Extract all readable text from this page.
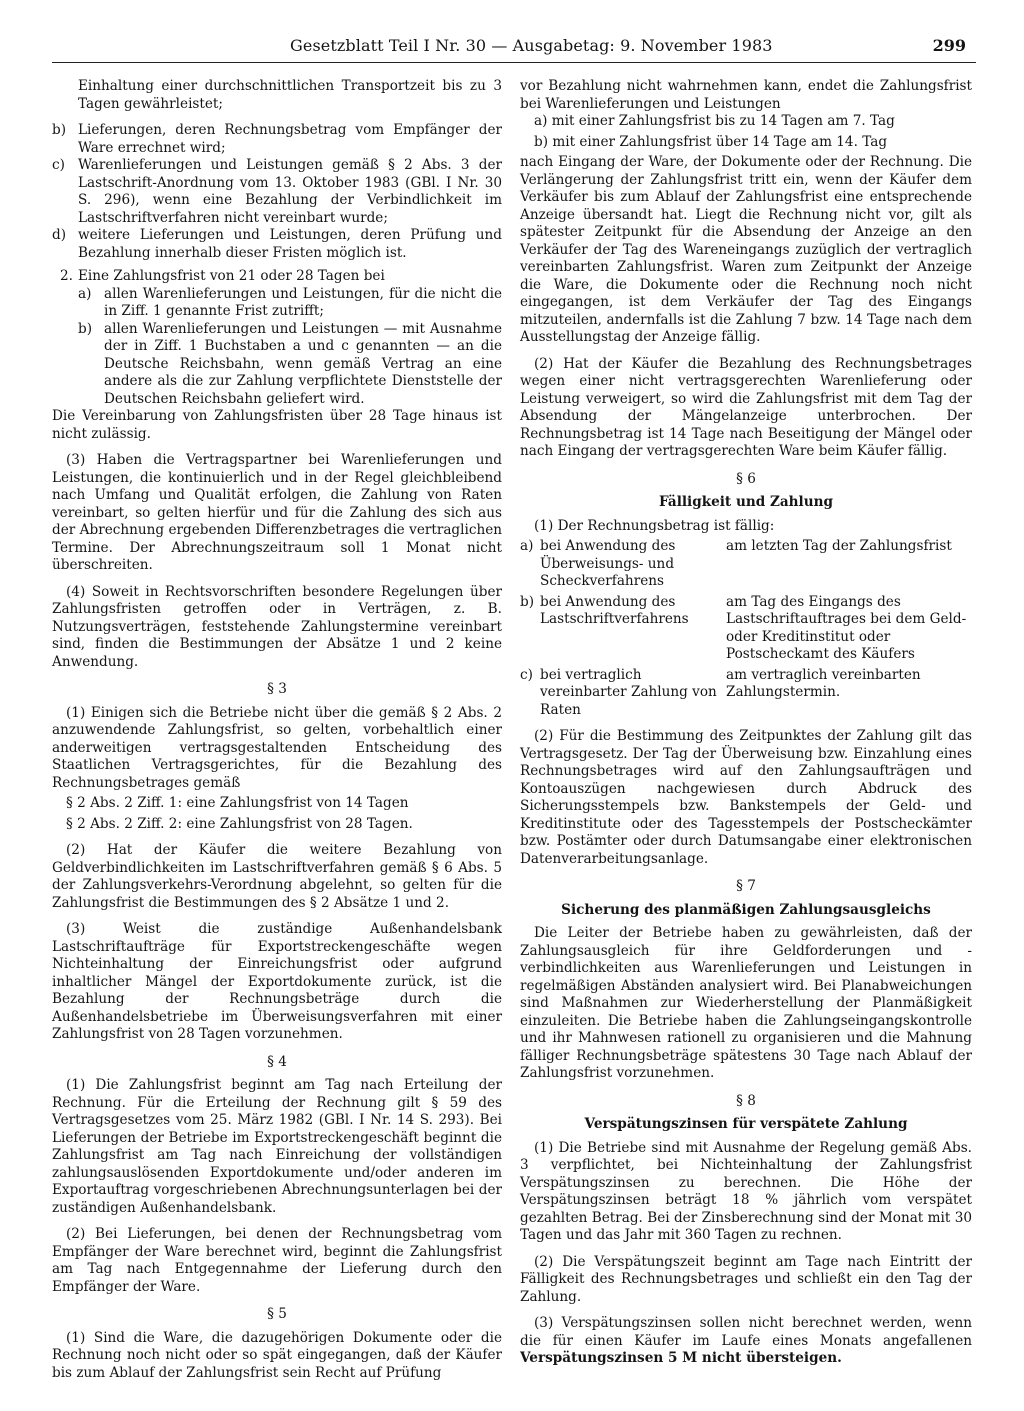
Gesetzblatt Teil I Nr. 30 — Ausgabetag: 9. November 1983	299

Einhaltung einer durchschnittlichen Transportzeit bis zu 3 Tagen gewährleistet;

b) Lieferungen, deren Rechnungsbetrag vom Empfänger der Ware errechnet wird;
c) Warenlieferungen und Leistungen gemäß § 2 Abs. 3 der Lastschrift-Anordnung vom 13. Oktober 1983 (GBl. I Nr. 30 S. 296), wenn eine Bezahlung der Verbindlichkeit im Lastschriftverfahren nicht vereinbart wurde;
d) weitere Lieferungen und Leistungen, deren Prüfung und Bezahlung innerhalb dieser Fristen möglich ist.
2. Eine Zahlungsfrist von 21 oder 28 Tagen bei
a) allen Warenlieferungen und Leistungen, für die nicht die in Ziff. 1 genannte Frist zutrifft;
b) allen Warenlieferungen und Leistungen — mit Ausnahme der in Ziff. 1 Buchstaben a und c genannten — an die Deutsche Reichsbahn, wenn gemäß Vertrag an eine andere als die zur Zahlung verpflichtete Dienststelle der Deutschen Reichsbahn geliefert wird.

Die Vereinbarung von Zahlungsfristen über 28 Tage hinaus ist nicht zulässig.

(3) Haben die Vertragspartner bei Warenlieferungen und Leistungen, die kontinuierlich und in der Regel gleichbleibend nach Umfang und Qualität erfolgen, die Zahlung von Raten vereinbart, so gelten hierfür und für die Zahlung des sich aus der Abrechnung ergebenden Differenzbetrages die vertraglichen Termine. Der Abrechnungszeitraum soll 1 Monat nicht überschreiten.

(4) Soweit in Rechtsvorschriften besondere Regelungen über Zahlungsfristen getroffen oder in Verträgen, z. B. Nutzungsverträgen, feststehende Zahlungstermine vereinbart sind, finden die Bestimmungen der Absätze 1 und 2 keine Anwendung.

§ 3

(1) Einigen sich die Betriebe nicht über die gemäß § 2 Abs. 2 anzuwendende Zahlungsfrist, so gelten, vorbehaltlich einer anderweitigen vertragsgestaltenden Entscheidung des Staatlichen Vertragsgerichtes, für die Bezahlung des Rechnungsbetrages gemäß

§ 2 Abs. 2 Ziff. 1: eine Zahlungsfrist von 14 Tagen
§ 2 Abs. 2 Ziff. 2: eine Zahlungsfrist von 28 Tagen.

(2) Hat der Käufer die weitere Bezahlung von Geldverbindlichkeiten im Lastschriftverfahren gemäß § 6 Abs. 5 der Zahlungsverkehrs-Verordnung abgelehnt, so gelten für die Zahlungsfrist die Bestimmungen des § 2 Absätze 1 und 2.

(3) Weist die zuständige Außenhandelsbank Lastschriftaufträge für Exportstreckengeschäfte wegen Nichteinhaltung der Einreichungsfrist oder aufgrund inhaltlicher Mängel der Exportdokumente zurück, ist die Bezahlung der Rechnungsbeträge durch die Außenhandelsbetriebe im Überweisungsverfahren mit einer Zahlungsfrist von 28 Tagen vorzunehmen.

§ 4

(1) Die Zahlungsfrist beginnt am Tag nach Erteilung der Rechnung. Für die Erteilung der Rechnung gilt § 59 des Vertragsgesetzes vom 25. März 1982 (GBl. I Nr. 14 S. 293). Bei Lieferungen der Betriebe im Exportstreckengeschäft beginnt die Zahlungsfrist am Tag nach Einreichung der vollständigen zahlungsauslösenden Exportdokumente und/oder anderen im Exportauftrag vorgeschriebenen Abrechnungsunterlagen bei der zuständigen Außenhandelsbank.

(2) Bei Lieferungen, bei denen der Rechnungsbetrag vom Empfänger der Ware berechnet wird, beginnt die Zahlungsfrist am Tag nach Entgegennahme der Lieferung durch den Empfänger der Ware.

§ 5

(1) Sind die Ware, die dazugehörigen Dokumente oder die Rechnung noch nicht oder so spät eingegangen, daß der Käufer bis zum Ablauf der Zahlungsfrist sein Recht auf Prüfung

vor Bezahlung nicht wahrnehmen kann, endet die Zahlungsfrist bei Warenlieferungen und Leistungen

a) mit einer Zahlungsfrist bis zu 14 Tagen am 7. Tag
b) mit einer Zahlungsfrist über 14 Tage am 14. Tag

nach Eingang der Ware, der Dokumente oder der Rechnung. Die Verlängerung der Zahlungsfrist tritt ein, wenn der Käufer dem Verkäufer bis zum Ablauf der Zahlungsfrist eine entsprechende Anzeige übersandt hat. Liegt die Rechnung nicht vor, gilt als spätester Zeitpunkt für die Absendung der Anzeige an den Verkäufer der Tag des Wareneingangs zuzüglich der vertraglich vereinbarten Zahlungsfrist. Waren zum Zeitpunkt der Anzeige die Ware, die Dokumente oder die Rechnung noch nicht eingegangen, ist dem Verkäufer der Tag des Eingangs mitzuteilen, andernfalls ist die Zahlung 7 bzw. 14 Tage nach dem Ausstellungstag der Anzeige fällig.

(2) Hat der Käufer die Bezahlung des Rechnungsbetrages wegen einer nicht vertragsgerechten Warenlieferung oder Leistung verweigert, so wird die Zahlungsfrist mit dem Tag der Absendung der Mängelanzeige unterbrochen. Der Rechnungsbetrag ist 14 Tage nach Beseitigung der Mängel oder nach Eingang der vertragsgerechten Ware beim Käufer fällig.

§ 6
Fälligkeit und Zahlung

(1) Der Rechnungsbetrag ist fällig:

a) bei Anwendung des Überweisungs- und Scheckverfahrens
am letzten Tag der Zahlungsfrist
b) bei Anwendung des Lastschriftverfahrens
am Tag des Eingangs des Lastschriftauftrages bei dem Geld- oder Kreditinstitut oder Postscheckamt des Käufers
c) bei vertraglich vereinbarter Zahlung von Raten
am vertraglich vereinbarten Zahlungstermin.

(2) Für die Bestimmung des Zeitpunktes der Zahlung gilt das Vertragsgesetz. Der Tag der Überweisung bzw. Einzahlung eines Rechnungsbetrages wird auf den Zahlungsaufträgen und Kontoauszügen nachgewiesen durch Abdruck des Sicherungsstempels bzw. Bankstempels der Geld- und Kreditinstitute oder des Tagesstempels der Postscheckämter bzw. Postämter oder durch Datumsangabe einer elektronischen Datenverarbeitungsanlage.

§ 7
Sicherung des planmäßigen Zahlungsausgleichs

Die Leiter der Betriebe haben zu gewährleisten, daß der Zahlungsausgleich für ihre Geldforderungen und -verbindlichkeiten aus Warenlieferungen und Leistungen in regelmäßigen Abständen analysiert wird. Bei Planabweichungen sind Maßnahmen zur Wiederherstellung der Planmäßigkeit einzuleiten. Die Betriebe haben die Zahlungseingangskontrolle und ihr Mahnwesen rationell zu organisieren und die Mahnung fälliger Rechnungsbeträge spätestens 30 Tage nach Ablauf der Zahlungsfrist vorzunehmen.

§ 8
Verspätungszinsen für verspätete Zahlung

(1) Die Betriebe sind mit Ausnahme der Regelung gemäß Abs. 3 verpflichtet, bei Nichteinhaltung der Zahlungsfrist Verspätungszinsen zu berechnen. Die Höhe der Verspätungszinsen beträgt 18 % jährlich vom verspätet gezahlten Betrag. Bei der Zinsberechnung sind der Monat mit 30 Tagen und das Jahr mit 360 Tagen zu rechnen.

(2) Die Verspätungszeit beginnt am Tage nach Eintritt der Fälligkeit des Rechnungsbetrages und schließt ein den Tag der Zahlung.

(3) Verspätungszinsen sollen nicht berechnet werden, wenn die für einen Käufer im Laufe eines Monats angefallenen Verspätungszinsen 5 M nicht übersteigen.
